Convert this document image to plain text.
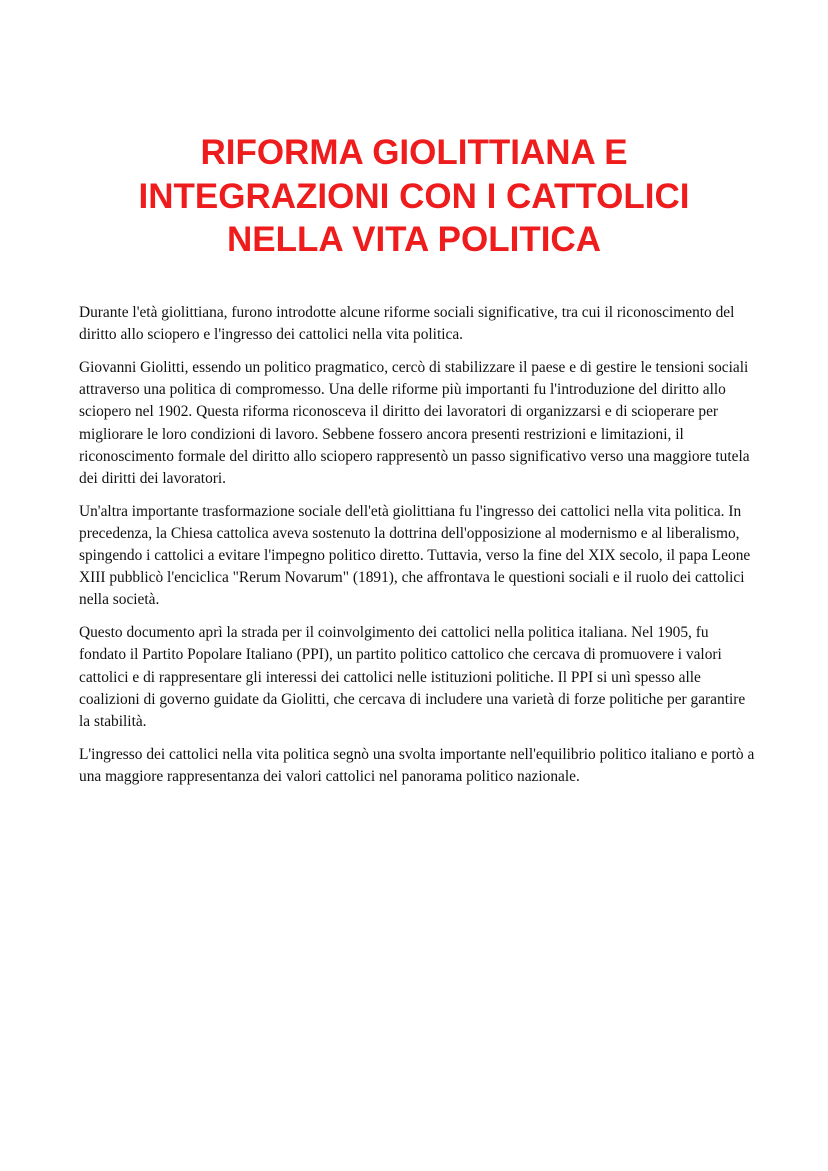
RIFORMA GIOLITTIANA E
INTEGRAZIONI CON I CATTOLICI
NELLA VITA POLITICA

Durante l'età giolittiana, furono introdotte alcune riforme sociali significative, tra cui il riconoscimento del diritto allo sciopero e l'ingresso dei cattolici nella vita politica.

Giovanni Giolitti, essendo un politico pragmatico, cercò di stabilizzare il paese e di gestire le tensioni sociali attraverso una politica di compromesso. Una delle riforme più importanti fu l'introduzione del diritto allo sciopero nel 1902. Questa riforma riconosceva il diritto dei lavoratori di organizzarsi e di scioperare per migliorare le loro condizioni di lavoro. Sebbene fossero ancora presenti restrizioni e limitazioni, il riconoscimento formale del diritto allo sciopero rappresentò un passo significativo verso una maggiore tutela dei diritti dei lavoratori.

Un'altra importante trasformazione sociale dell'età giolittiana fu l'ingresso dei cattolici nella vita politica. In precedenza, la Chiesa cattolica aveva sostenuto la dottrina dell'opposizione al modernismo e al liberalismo, spingendo i cattolici a evitare l'impegno politico diretto. Tuttavia, verso la fine del XIX secolo, il papa Leone XIII pubblicò l'enciclica "Rerum Novarum" (1891), che affrontava le questioni sociali e il ruolo dei cattolici nella società.

Questo documento aprì la strada per il coinvolgimento dei cattolici nella politica italiana. Nel 1905, fu fondato il Partito Popolare Italiano (PPI), un partito politico cattolico che cercava di promuovere i valori cattolici e di rappresentare gli interessi dei cattolici nelle istituzioni politiche. Il PPI si unì spesso alle coalizioni di governo guidate da Giolitti, che cercava di includere una varietà di forze politiche per garantire la stabilità.

L'ingresso dei cattolici nella vita politica segnò una svolta importante nell'equilibrio politico italiano e portò a una maggiore rappresentanza dei valori cattolici nel panorama politico nazionale.
